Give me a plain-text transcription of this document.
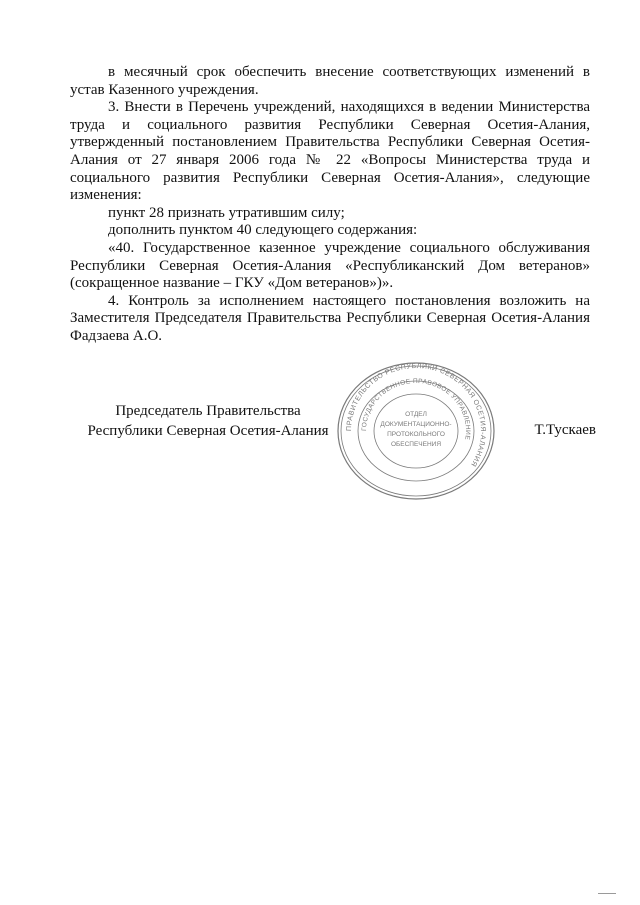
в месячный срок обеспечить внесение соответствующих изменений в устав Казенного учреждения.

3. Внести в Перечень учреждений, находящихся в ведении Министерства труда и социального развития Республики Северная Осетия-Алания, утвержденный постановлением Правительства Республики Северная Осетия-Алания от 27 января 2006 года № 22 «Вопросы Министерства труда и социального развития Республики Северная Осетия-Алания», следующие изменения:

пункт 28 признать утратившим силу;

дополнить пунктом 40 следующего содержания:

«40. Государственное казенное учреждение социального обслуживания Республики Северная Осетия-Алания «Республиканский Дом ветеранов» (сокращенное название – ГКУ «Дом ветеранов»)».

4. Контроль за исполнением настоящего постановления возложить на Заместителя Председателя Правительства Республики Северная Осетия-Алания Фадзаева А.О.

Председатель Правительства
Республики Северная Осетия-Алания	ПРАВИТЕЛЬСТВО РЕСПУБЛИКИ СЕВЕРНАЯ ОСЕТИЯ-АЛАНИЯ
ГОСУДАРСТВЕННОЕ ПРАВОВОЕ УПРАВЛЕНИЕ
ОТДЕЛ
ДОКУМЕНТАЦИОННО-
ПРОТОКОЛЬНОГО
ОБЕСПЕЧЕНИЯ
Т.Тускаев
